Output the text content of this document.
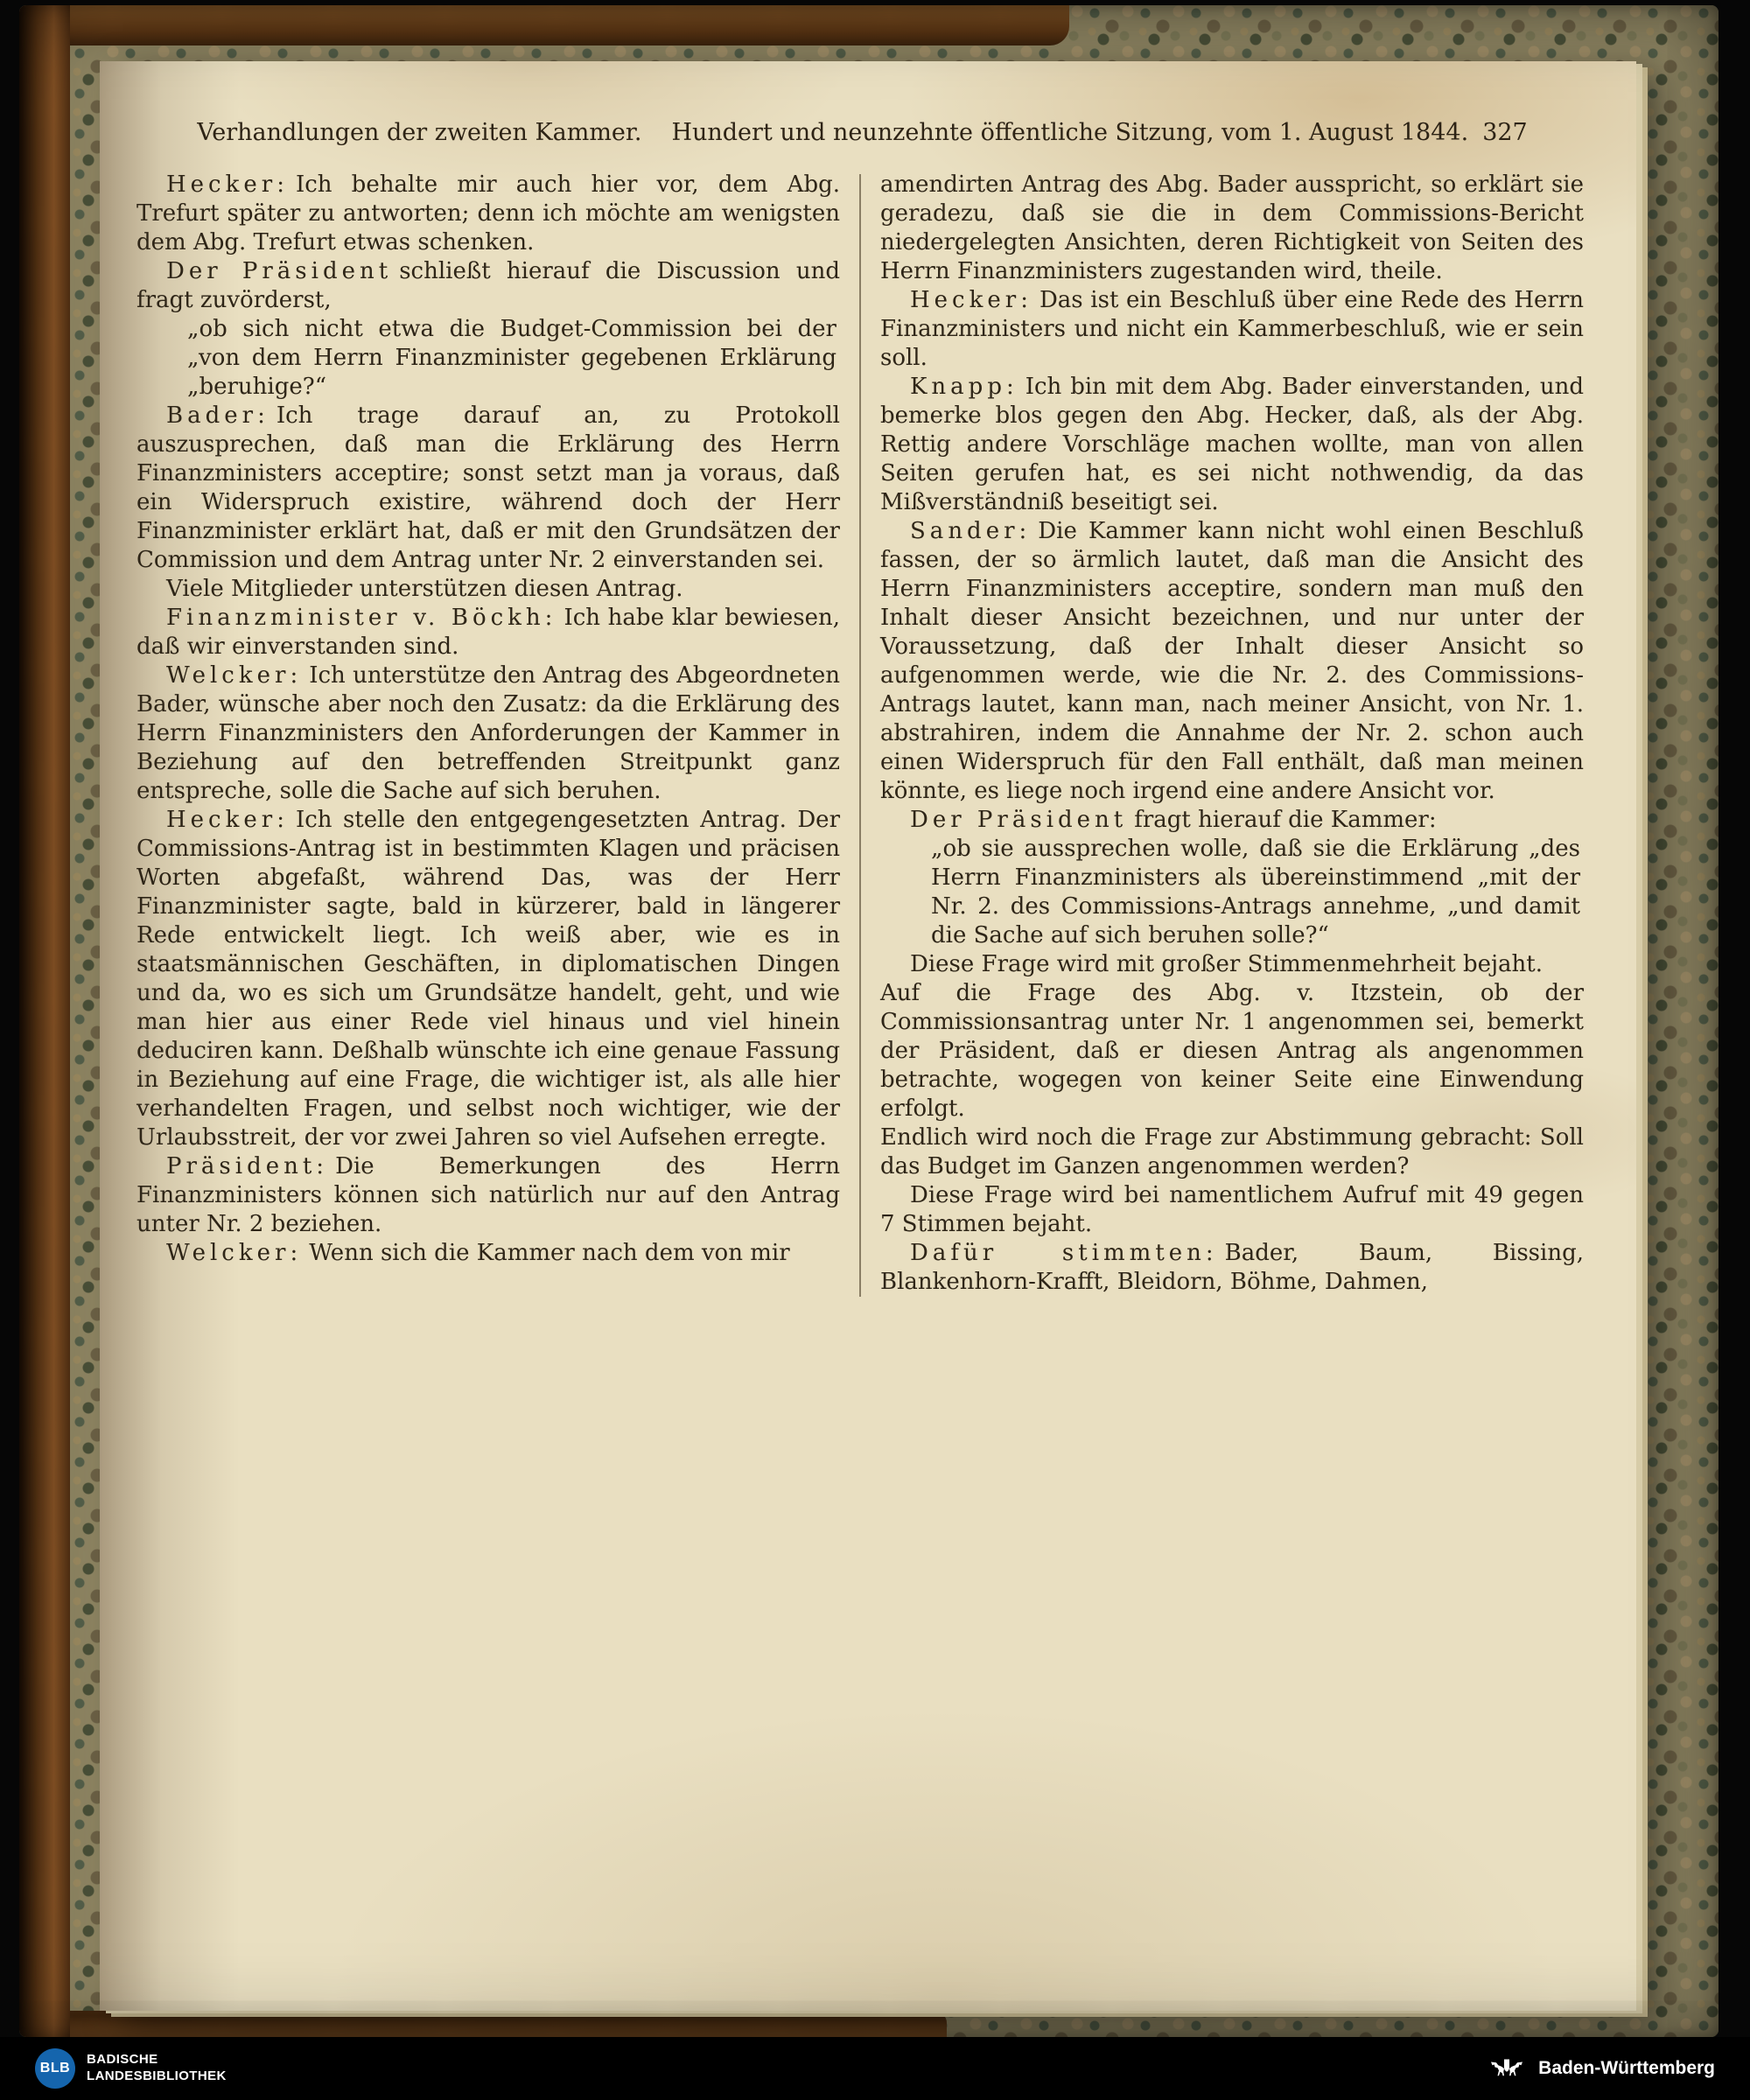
Verhandlungen der zweiten Kammer. Hundert und neunzehnte öffentliche Sitzung, vom 1. August 1844. 327

Hecker: Ich behalte mir auch hier vor, dem Abg. Trefurt später zu antworten; denn ich möchte am wenigsten dem Abg. Trefurt etwas schenken.

Der Präsident schließt hierauf die Discussion und fragt zuvörderst,

„ob sich nicht etwa die Budget-Commission bei der „von dem Herrn Finanzminister gegebenen Erklärung „beruhige?“

Bader: Ich trage darauf an, zu Protokoll auszusprechen, daß man die Erklärung des Herrn Finanzministers acceptire; sonst setzt man ja voraus, daß ein Widerspruch existire, während doch der Herr Finanzminister erklärt hat, daß er mit den Grundsätzen der Commission und dem Antrag unter Nr. 2 einverstanden sei.

Viele Mitglieder unterstützen diesen Antrag.

Finanzminister v. Böckh: Ich habe klar bewiesen, daß wir einverstanden sind.

Welcker: Ich unterstütze den Antrag des Abgeordneten Bader, wünsche aber noch den Zusatz: da die Erklärung des Herrn Finanzministers den Anforderungen der Kammer in Beziehung auf den betreffenden Streitpunkt ganz entspreche, solle die Sache auf sich beruhen.

Hecker: Ich stelle den entgegengesetzten Antrag. Der Commissions-Antrag ist in bestimmten Klagen und präcisen Worten abgefaßt, während Das, was der Herr Finanzminister sagte, bald in kürzerer, bald in längerer Rede entwickelt liegt. Ich weiß aber, wie es in staatsmännischen Geschäften, in diplomatischen Dingen und da, wo es sich um Grundsätze handelt, geht, und wie man hier aus einer Rede viel hinaus und viel hinein deduciren kann. Deßhalb wünschte ich eine genaue Fassung in Beziehung auf eine Frage, die wichtiger ist, als alle hier verhandelten Fragen, und selbst noch wichtiger, wie der Urlaubsstreit, der vor zwei Jahren so viel Aufsehen erregte.

Präsident: Die Bemerkungen des Herrn Finanzministers können sich natürlich nur auf den Antrag unter Nr. 2 beziehen.

Welcker: Wenn sich die Kammer nach dem von mir

amendirten Antrag des Abg. Bader ausspricht, so erklärt sie geradezu, daß sie die in dem Commissions-Bericht niedergelegten Ansichten, deren Richtigkeit von Seiten des Herrn Finanzministers zugestanden wird, theile.

Hecker: Das ist ein Beschluß über eine Rede des Herrn Finanzministers und nicht ein Kammerbeschluß, wie er sein soll.

Knapp: Ich bin mit dem Abg. Bader einverstanden, und bemerke blos gegen den Abg. Hecker, daß, als der Abg. Rettig andere Vorschläge machen wollte, man von allen Seiten gerufen hat, es sei nicht nothwendig, da das Mißverständniß beseitigt sei.

Sander: Die Kammer kann nicht wohl einen Beschluß fassen, der so ärmlich lautet, daß man die Ansicht des Herrn Finanzministers acceptire, sondern man muß den Inhalt dieser Ansicht bezeichnen, und nur unter der Voraussetzung, daß der Inhalt dieser Ansicht so aufgenommen werde, wie die Nr. 2. des Commissions-Antrags lautet, kann man, nach meiner Ansicht, von Nr. 1. abstrahiren, indem die Annahme der Nr. 2. schon auch einen Widerspruch für den Fall enthält, daß man meinen könnte, es liege noch irgend eine andere Ansicht vor.

Der Präsident fragt hierauf die Kammer:

„ob sie aussprechen wolle, daß sie die Erklärung „des Herrn Finanzministers als übereinstimmend „mit der Nr. 2. des Commissions-Antrags annehme, „und damit die Sache auf sich beruhen solle?“

Diese Frage wird mit großer Stimmenmehrheit bejaht.

Auf die Frage des Abg. v. Itzstein, ob der Commissionsantrag unter Nr. 1 angenommen sei, bemerkt der Präsident, daß er diesen Antrag als angenommen betrachte, wogegen von keiner Seite eine Einwendung erfolgt.

Endlich wird noch die Frage zur Abstimmung gebracht: Soll das Budget im Ganzen angenommen werden?

Diese Frage wird bei namentlichem Aufruf mit 49 gegen 7 Stimmen bejaht.

Dafür stimmten: Bader, Baum, Bissing, Blankenhorn-Krafft, Bleidorn, Böhme, Dahmen,

BLB
BADISCHE
LANDESBIBLIOTHEK	Baden-Württemberg
